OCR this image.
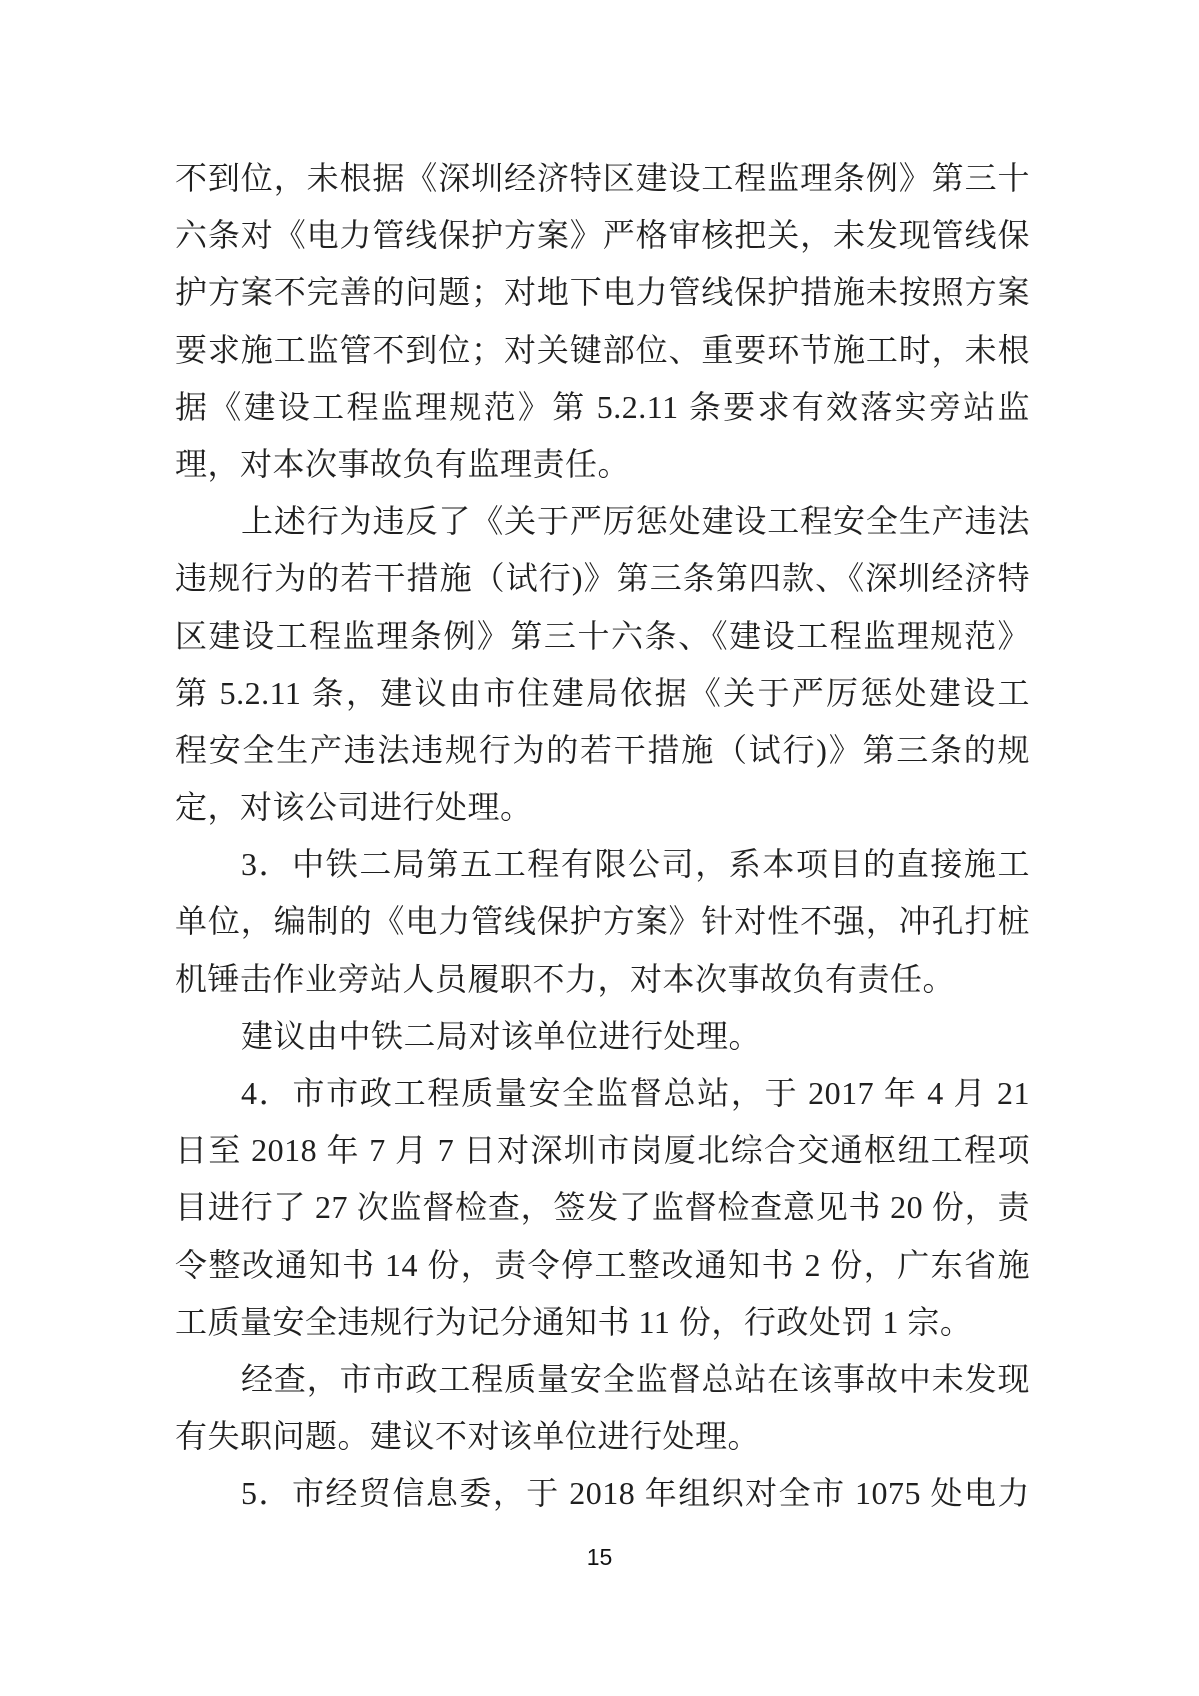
不到位，未根据《深圳经济特区建设工程监理条例》第三十
六条对《电力管线保护方案》严格审核把关，未发现管线保
护方案不完善的问题；对地下电力管线保护措施未按照方案
要求施工监管不到位；对关键部位、重要环节施工时，未根
据《建设工程监理规范》第 5.2.11 条要求有效落实旁站监
理，对本次事故负有监理责任。
上述行为违反了《关于严厉惩处建设工程安全生产违法
违规行为的若干措施（试行)》第三条第四款、《深圳经济特
区建设工程监理条例》第三十六条、《建设工程监理规范》
第 5.2.11 条，建议由市住建局依据《关于严厉惩处建设工
程安全生产违法违规行为的若干措施（试行)》第三条的规
定，对该公司进行处理。
3．中铁二局第五工程有限公司，系本项目的直接施工
单位，编制的《电力管线保护方案》针对性不强，冲孔打桩
机锤击作业旁站人员履职不力，对本次事故负有责任。
建议由中铁二局对该单位进行处理。
4．市市政工程质量安全监督总站，于 2017 年 4 月 21
日至 2018 年 7 月 7 日对深圳市岗厦北综合交通枢纽工程项
目进行了 27 次监督检查，签发了监督检查意见书 20 份，责
令整改通知书 14 份，责令停工整改通知书 2 份，广东省施
工质量安全违规行为记分通知书 11 份，行政处罚 1 宗。
经查，市市政工程质量安全监督总站在该事故中未发现
有失职问题。建议不对该单位进行处理。
5．市经贸信息委，于 2018 年组织对全市 1075 处电力
15
